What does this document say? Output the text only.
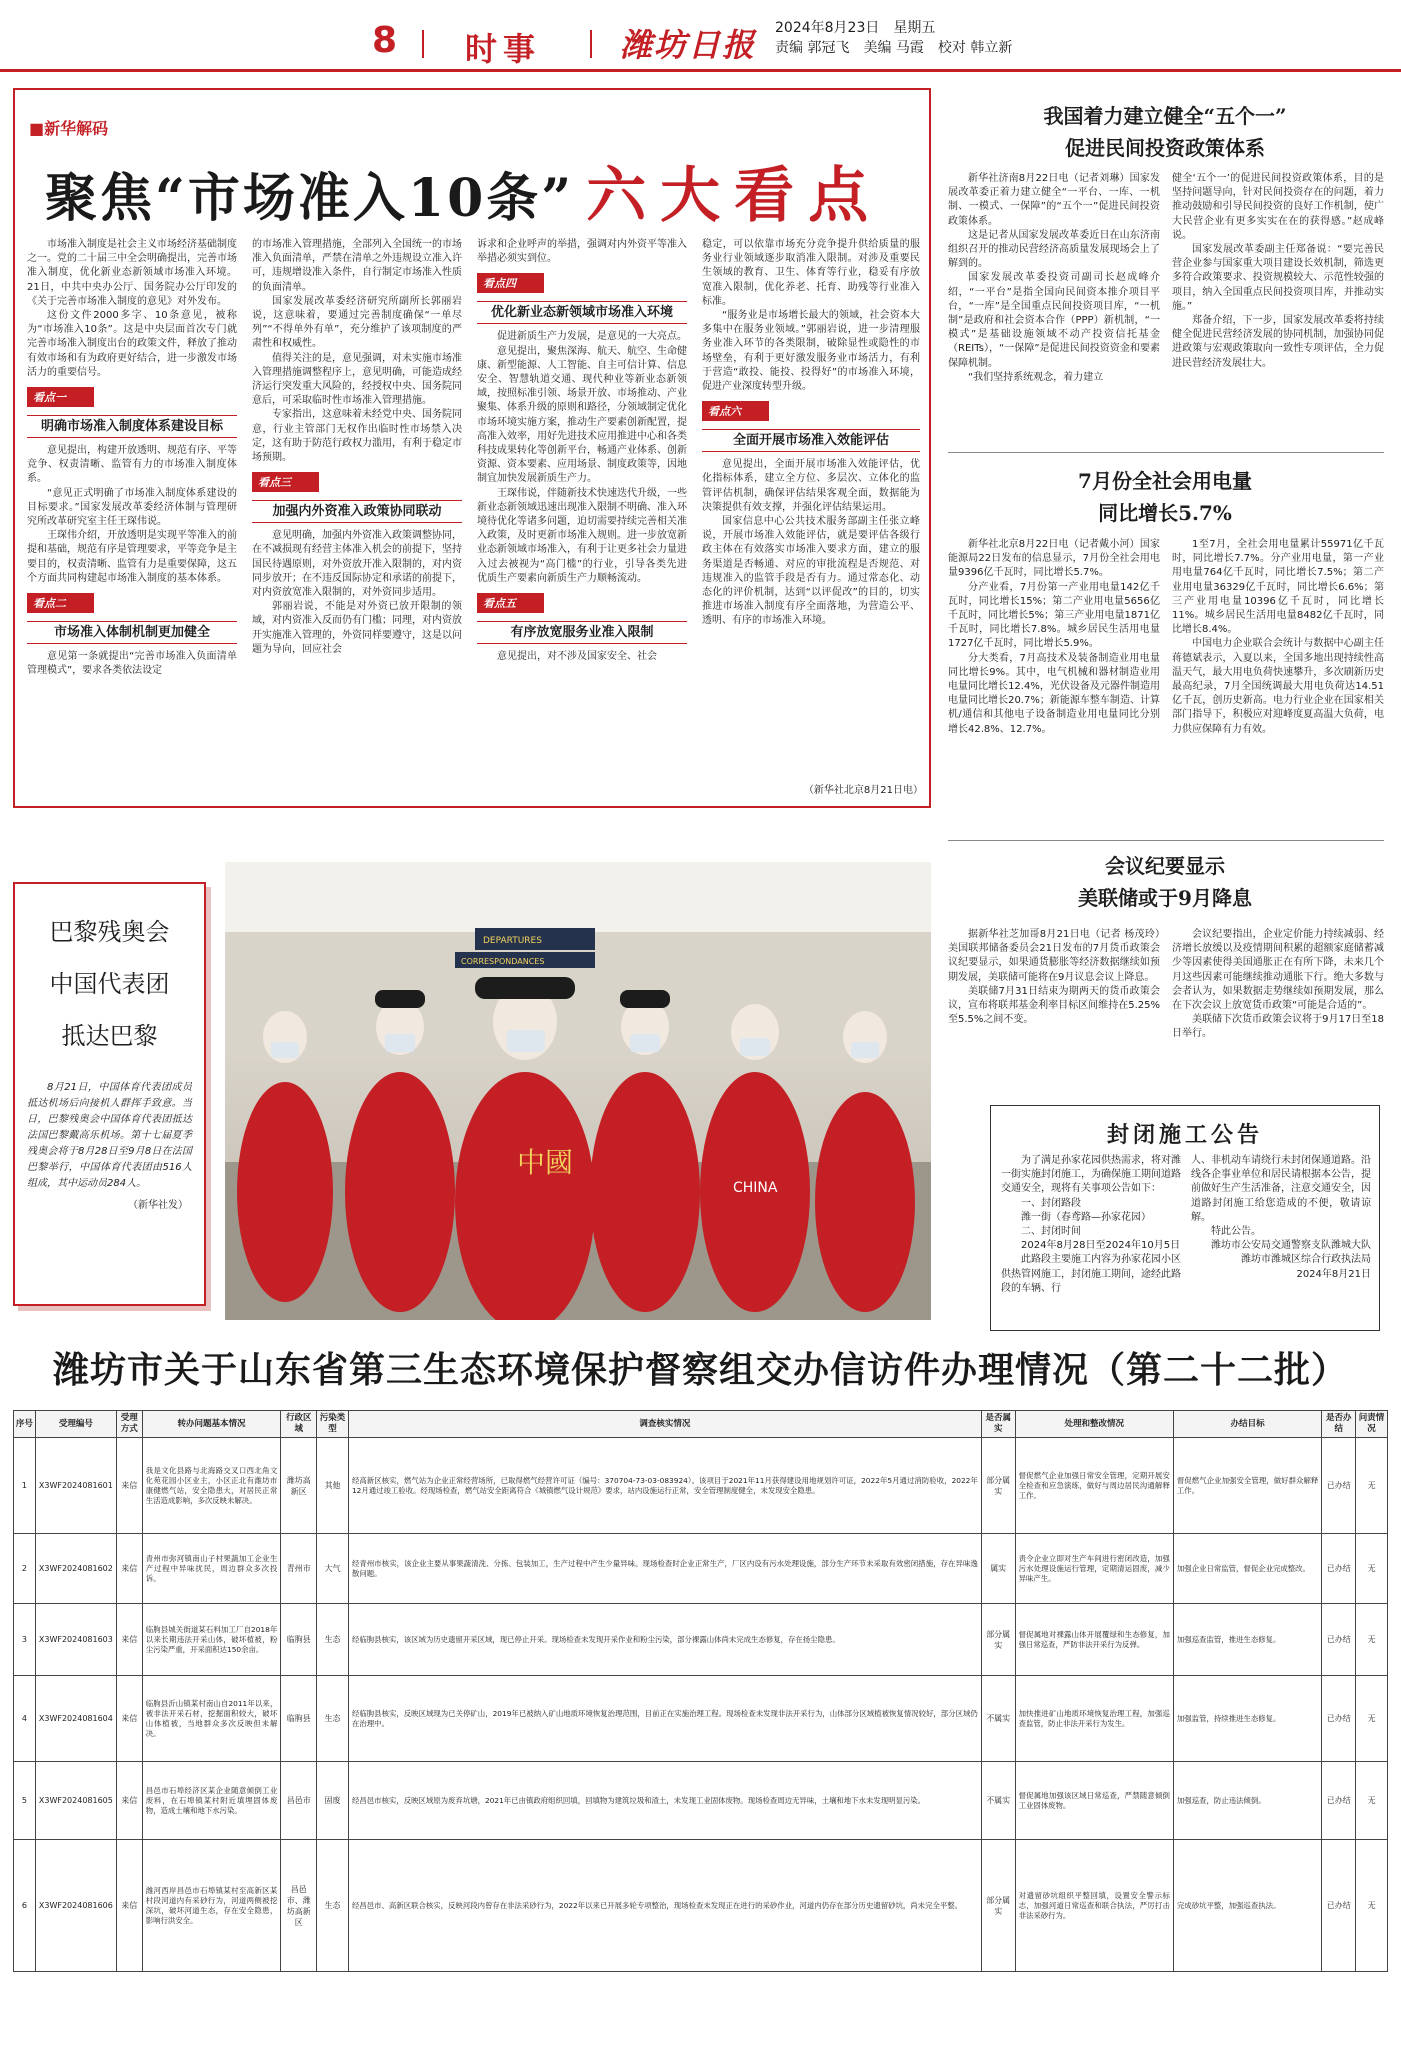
8 时事 潍坊日报 2024年8月23日 星期五
责编 郭冠飞 美编 马霞 校对 韩立新
■新华解码
聚焦“市场准入10条” 六大看点

市场准入制度是社会主义市场经济基础制度之一。党的二十届三中全会明确提出，完善市场准入制度，优化新业态新领域市场准入环境。21日，中共中央办公厅、国务院办公厅印发的《关于完善市场准入制度的意见》对外发布。

这份文件2000多字、10条意见，被称为“市场准入10条”。这是中央层面首次专门就完善市场准入制度出台的政策文件，释放了推动有效市场和有为政府更好结合，进一步激发市场活力的重要信号。

看点一
明确市场准入制度体系建设目标

意见提出，构建开放透明、规范有序、平等竞争、权责清晰、监管有力的市场准入制度体系。

“意见正式明确了市场准入制度体系建设的目标要求。”国家发展改革委经济体制与管理研究所改革研究室主任王琛伟说。

王琛伟介绍，开放透明是实现平等准入的前提和基础，规范有序是管理要求，平等竞争是主要目的，权责清晰、监管有力是重要保障，这五个方面共同构建起市场准入制度的基本体系。

看点二
市场准入体制机制更加健全

意见第一条就提出“完善市场准入负面清单管理模式”，要求各类依法设定

的市场准入管理措施，全部列入全国统一的市场准入负面清单，严禁在清单之外违规设立准入许可，违规增设准入条件，自行制定市场准入性质的负面清单。

国家发展改革委经济研究所副所长郭丽岩说，这意味着，要通过完善制度确保“一单尽列”“不得单外有单”，充分维护了该项制度的严肃性和权威性。

值得关注的是，意见强调，对未实施市场准入管理措施调整程序上，意见明确，可能造成经济运行突发重大风险的，经授权中央、国务院同意后，可采取临时性市场准入管理措施。

专家指出，这意味着未经党中央、国务院同意，行业主管部门无权作出临时性市场禁入决定，这有助于防范行政权力滥用，有利于稳定市场预期。

看点三
加强内外资准入政策协同联动

意见明确，加强内外资准入政策调整协同，在不减损现有经营主体准入机会的前提下，坚持国民待遇原则，对外资放开准入限制的，对内资同步放开；在不违反国际协定和承诺的前提下，对内资放宽准入限制的，对外资同步适用。

郭丽岩说，不能是对外资已放开限制的领域，对内资准入反而仍有门槛；同理，对内资放开实施准入管理的，外资同样要遵守，这是以问题为导向，回应社会

诉求和企业呼声的举措，强调对内外资平等准入举措必须实到位。

看点四
优化新业态新领域市场准入环境

促进新质生产力发展，是意见的一大亮点。

意见提出，聚焦深海、航天、航空、生命健康、新型能源、人工智能、自主可信计算、信息安全、智慧轨道交通、现代种业等新业态新领域，按照标准引领、场景开放、市场推动、产业聚集、体系升级的原则和路径，分领域制定优化市场环境实施方案，推动生产要素创新配置，提高准入效率，用好先进技术应用推进中心和各类科技成果转化等创新平台，畅通产业体系、创新资源、资本要素、应用场景、制度政策等，因地制宜加快发展新质生产力。

王琛伟说，伴随新技术快速迭代升级，一些新业态新领域迅速出现准入限制不明确、准入环境待优化等诸多问题，迫切需要持续完善相关准入政策，及时更新市场准入规则。进一步放宽新业态新领域市场准入，有利于让更多社会力量进入过去被视为“高门槛”的行业，引导各类先进优质生产要素向新质生产力顺畅流动。

看点五
有序放宽服务业准入限制

意见提出，对不涉及国家安全、社会

稳定，可以依靠市场充分竞争提升供给质量的服务业行业领域逐步取消准入限制。对涉及重要民生领域的教育、卫生、体育等行业，稳妥有序放宽准入限制，优化养老、托育、助残等行业准入标准。

“服务业是市场增长最大的领域，社会资本大多集中在服务业领域。”郭丽岩说，进一步清理服务业准入环节的各类限制，破除显性或隐性的市场壁垒，有利于更好激发服务业市场活力，有利于营造“敢投、能投、投得好”的市场准入环境，促进产业深度转型升级。

看点六
全面开展市场准入效能评估

意见提出，全面开展市场准入效能评估，优化指标体系，建立全方位、多层次、立体化的监管评估机制，确保评估结果客观全面，数据能为决策提供有效支撑，并强化评估结果运用。

国家信息中心公共技术服务部副主任张立峰说，开展市场准入效能评估，就是要评估各级行政主体在有效落实市场准入要求方面，建立的服务渠道是否畅通、对应的审批流程是否规范、对违规准入的监管手段是否有力。通过常态化、动态化的评价机制，达到“以评促改”的目的，切实推进市场准入制度有序全面落地，为营造公平、透明、有序的市场准入环境。

（新华社北京8月21日电）
DEPARTURES
CORRESPONDANCES
中國
CHINA
巴黎残奥会
中国代表团
抵达巴黎
8月21日，中国体育代表团成员抵达机场后向接机人群挥手致意。当日，巴黎残奥会中国体育代表团抵达法国巴黎戴高乐机场。第十七届夏季残奥会将于8月28日至9月8日在法国巴黎举行，中国体育代表团由516人组成，其中运动员284人。
（新华社发）
我国着力建立健全“五个一”
促进民间投资政策体系

新华社济南8月22日电（记者刘琳）国家发展改革委正着力建立健全“一平台、一库、一机制、一模式、一保障”的“五个一”促进民间投资政策体系。

这是记者从国家发展改革委近日在山东济南组织召开的推动民营经济高质量发展现场会上了解到的。

国家发展改革委投资司副司长赵成峰介绍，“一平台”是指全国向民间资本推介项目平台，“一库”是全国重点民间投资项目库，“一机制”是政府和社会资本合作（PPP）新机制，“一模式”是基础设施领域不动产投资信托基金（REITs），“一保障”是促进民间投资资金和要素保障机制。

“我们坚持系统观念，着力建立

健全‘五个一’的促进民间投资政策体系，目的是坚持问题导向，针对民间投资存在的问题，着力推动鼓励和引导民间投资的良好工作机制，使广大民营企业有更多实实在在的获得感。”赵成峰说。

国家发展改革委副主任郑备说：“要完善民营企业参与国家重大项目建设长效机制，筛选更多符合政策要求、投资规模较大、示范性较强的项目，纳入全国重点民间投资项目库，并推动实施。”

郑备介绍，下一步，国家发展改革委将持续健全促进民营经济发展的协同机制，加强协同促进政策与宏观政策取向一致性专项评估，全力促进民营经济发展壮大。

7月份全社会用电量
同比增长5.7%

新华社北京8月22日电（记者戴小河）国家能源局22日发布的信息显示，7月份全社会用电量9396亿千瓦时，同比增长5.7%。

分产业看，7月份第一产业用电量142亿千瓦时，同比增长15%；第二产业用电量5656亿千瓦时，同比增长5%；第三产业用电量1871亿千瓦时，同比增长7.8%。城乡居民生活用电量1727亿千瓦时，同比增长5.9%。

分大类看，7月高技术及装备制造业用电量同比增长9%。其中，电气机械和器材制造业用电量同比增长12.4%，光伏设备及元器件制造用电量同比增长20.7%；新能源车整车制造、计算机/通信和其他电子设备制造业用电量同比分别增长42.8%、12.7%。

1至7月，全社会用电量累计55971亿千瓦时，同比增长7.7%。分产业用电量，第一产业用电量764亿千瓦时，同比增长7.5%；第二产业用电量36329亿千瓦时，同比增长6.6%；第三产业用电量10396亿千瓦时，同比增长11%。城乡居民生活用电量8482亿千瓦时，同比增长8.4%。

中国电力企业联合会统计与数据中心副主任蒋德斌表示，入夏以来，全国多地出现持续性高温天气，最大用电负荷快速攀升，多次刷新历史最高纪录，7月全国统调最大用电负荷达14.51亿千瓦，创历史新高。电力行业企业在国家相关部门指导下，积极应对迎峰度夏高温大负荷，电力供应保障有力有效。

会议纪要显示
美联储或于9月降息

据新华社芝加哥8月21日电（记者 杨茂玲）美国联邦储备委员会21日发布的7月货币政策会议纪要显示，如果通货膨胀等经济数据继续如预期发展，美联储可能将在9月议息会议上降息。

美联储7月31日结束为期两天的货币政策会议，宣布将联邦基金利率目标区间维持在5.25%至5.5%之间不变。

会议纪要指出，企业定价能力持续减弱、经济增长放缓以及疫情期间积累的超额家庭储蓄减少等因素使得美国通胀正在有所下降，未来几个月这些因素可能继续推动通胀下行。绝大多数与会者认为，如果数据走势继续如预期发展，那么在下次会议上放宽货币政策“可能是合适的”。

美联储下次货币政策会议将于9月17日至18日举行。

封闭施工公告

为了满足孙家花园供热需求，将对潍一街实施封闭施工，为确保施工期间道路交通安全，现将有关事项公告如下：

一、封闭路段

潍一街（春鸢路—孙家花园）

二、封闭时间

2024年8月28日至2024年10月5日

此路段主要施工内容为孙家花园小区供热管网施工，封闭施工期间，途经此路段的车辆、行

人、非机动车请绕行未封闭保通道路。沿线各企事业单位和居民请根据本公告，提前做好生产生活准备，注意交通安全，因道路封闭施工给您造成的不便，敬请谅解。

特此公告。

潍坊市公安局交通警察支队潍城大队

潍坊市潍城区综合行政执法局

2024年8月21日

潍坊市关于山东省第三生态环境保护督察组交办信访件办理情况（第二十二批）
序号	受理编号	受理方式	转办问题基本情况	行政区域	污染类型	调查核实情况	是否属实	处理和整改情况	办结目标	是否办结	问责情况
1	X3WF2024081601	来信	我是文化县路与北海路交叉口西北角文化苑花园小区业主，小区正北有潍坊市康健燃气站，安全隐患大，对居民正常生活造成影响，多次反映未解决。	潍坊高新区	其他	经高新区核实，燃气站为企业正常经营场所，已取得燃气经营许可证（编号：370704-73-03-083924）。该项目于2021年11月获得建设用地规划许可证，2022年5月通过消防验收，2022年12月通过竣工验收。经现场检查，燃气站安全距离符合《城镇燃气设计规范》要求，站内设施运行正常，安全管理制度健全，未发现安全隐患。	部分属实	督促燃气企业加强日常安全管理，定期开展安全检查和应急演练，做好与周边居民沟通解释工作。	督促燃气企业加强安全管理，做好群众解释工作。	已办结	无
2	X3WF2024081602	来信	青州市弥河镇南山子村果蔬加工企业生产过程中异味扰民，周边群众多次投诉。	青州市	大气	经青州市核实，该企业主要从事果蔬清洗、分拣、包装加工，生产过程中产生少量异味。现场检查时企业正常生产，厂区内设有污水处理设施，部分生产环节未采取有效密闭措施，存在异味逸散问题。	属实	责令企业立即对生产车间进行密闭改造，加强污水处理设施运行管理，定期清运固废，减少异味产生。	加强企业日常监管，督促企业完成整改。	已办结	无
3	X3WF2024081603	来信	临朐县城关街道某石料加工厂自2018年以来长期违法开采山体，破坏植被，粉尘污染严重，开采面积达150余亩。	临朐县	生态	经临朐县核实，该区域为历史遗留开采区域，现已停止开采。现场检查未发现开采作业和粉尘污染，部分裸露山体尚未完成生态修复，存在扬尘隐患。	部分属实	督促属地对裸露山体开展覆绿和生态修复，加强日常巡查，严防非法开采行为反弹。	加强巡查监管，推进生态修复。	已办结	无
4	X3WF2024081604	来信	临朐县沂山镇某村南山自2011年以来，被非法开采石材，挖掘面积较大，破坏山体植被，当地群众多次反映但未解决。	临朐县	生态	经临朐县核实，反映区域现为已关停矿山，2019年已被纳入矿山地质环境恢复治理范围，目前正在实施治理工程。现场检查未发现非法开采行为，山体部分区域植被恢复情况较好，部分区域仍在治理中。	不属实	加快推进矿山地质环境恢复治理工程，加强巡查监管，防止非法开采行为发生。	加强监管，持续推进生态修复。	已办结	无
5	X3WF2024081605	来信	昌邑市石埠经济区某企业随意倾倒工业废料，在石埠镇某村附近填埋固体废物，造成土壤和地下水污染。	昌邑市	固废	经昌邑市核实，反映区域原为废弃坑塘，2021年已由镇政府组织回填，回填物为建筑垃圾和渣土，未发现工业固体废物。现场检查周边无异味，土壤和地下水未发现明显污染。	不属实	督促属地加强该区域日常巡查，严禁随意倾倒工业固体废物。	加强巡查，防止违法倾倒。	已办结	无
6	X3WF2024081606	来信	潍河西岸昌邑市石埠镇某村至高新区某村段河道内有采砂行为，河道两侧被挖深坑，破坏河道生态，存在安全隐患，影响行洪安全。	昌邑市、潍坊高新区	生态	经昌邑市、高新区联合核实，反映河段内曾存在非法采砂行为，2022年以来已开展多轮专项整治，现场检查未发现正在进行的采砂作业，河道内仍存在部分历史遗留砂坑，尚未完全平整。	部分属实	对遗留砂坑组织平整回填，设置安全警示标志，加强河道日常巡查和联合执法，严厉打击非法采砂行为。	完成砂坑平整，加强巡查执法。	已办结	无
